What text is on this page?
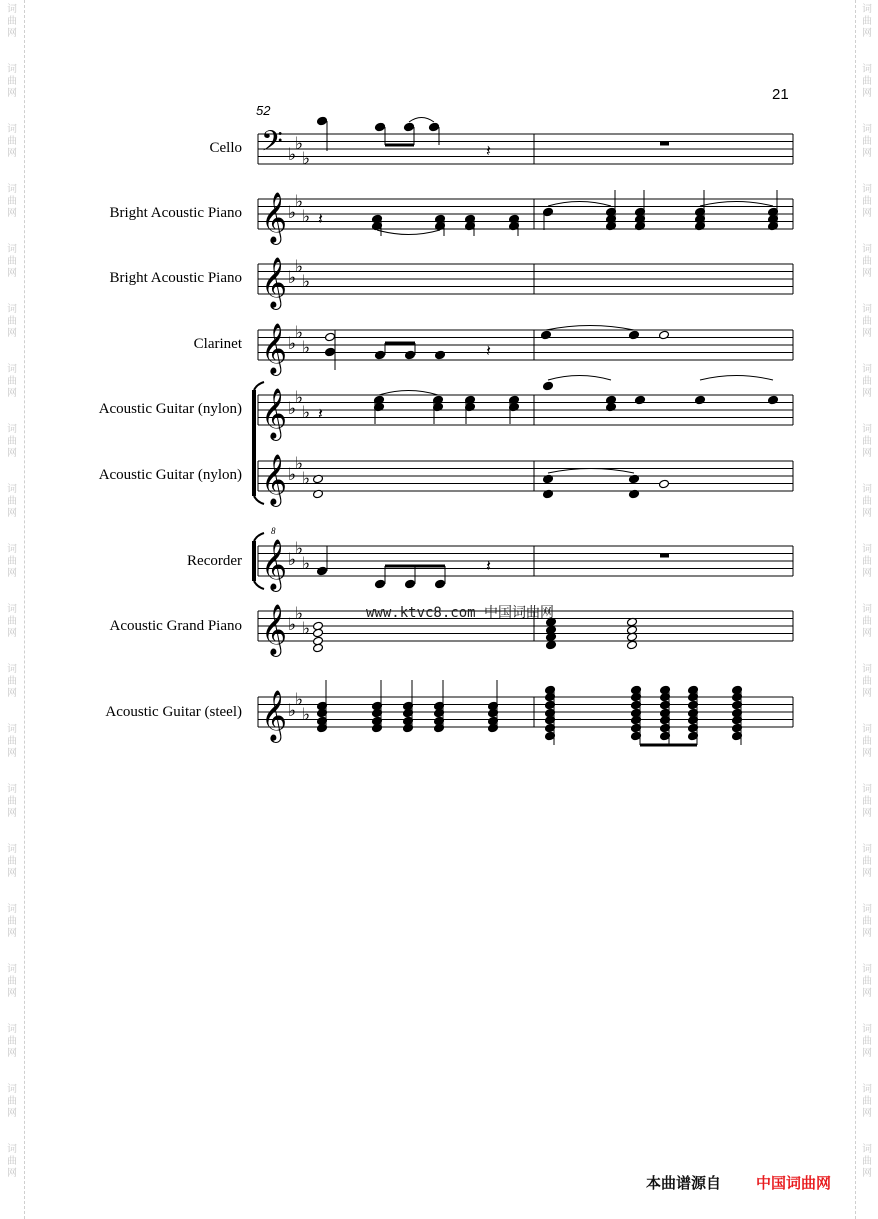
词
曲
网
词
曲
网
词
曲
网
词
曲
网
词
曲
网
词
曲
网
词
曲
网
词
曲
网
词
曲
网
词
曲
网
词
曲
网
词
曲
网
词
曲
网
词
曲
网
词
曲
网
词
曲
网
词
曲
网
词
曲
网
词
曲
网
词
曲
网
词
曲
网
词
曲
网
词
曲
网
词
曲
网
词
曲
网
词
曲
网
词
曲
网
词
曲
网
词
曲
网
词
曲
网
词
曲
网
词
曲
网
词
曲
网
词
曲
网
词
曲
网
词
曲
网
词
曲
网
词
曲
网
词
曲
网
词
曲
网
21
52
Cello
Bright Acoustic Piano
Bright Acoustic Piano
Clarinet
Acoustic Guitar (nylon)
Acoustic Guitar (nylon)
Recorder
Acoustic Grand Piano
Acoustic Guitar (steel)
𝄢 ♭
♭
♭
𝄞 ♭
♭
♭
𝄞 ♭
♭
♭
𝄞 ♭
♭
♭
𝄞 ♭
♭
♭
𝄞 ♭
♭
♭
𝄞
8
♭
♭
♭
𝄞 ♭
♭
♭
𝄞 ♭
♭
♭
𝄽
𝄽
𝄽
𝄽
𝄽
www.ktvc8.com 中国词曲网
本曲谱源自 中国词曲网
